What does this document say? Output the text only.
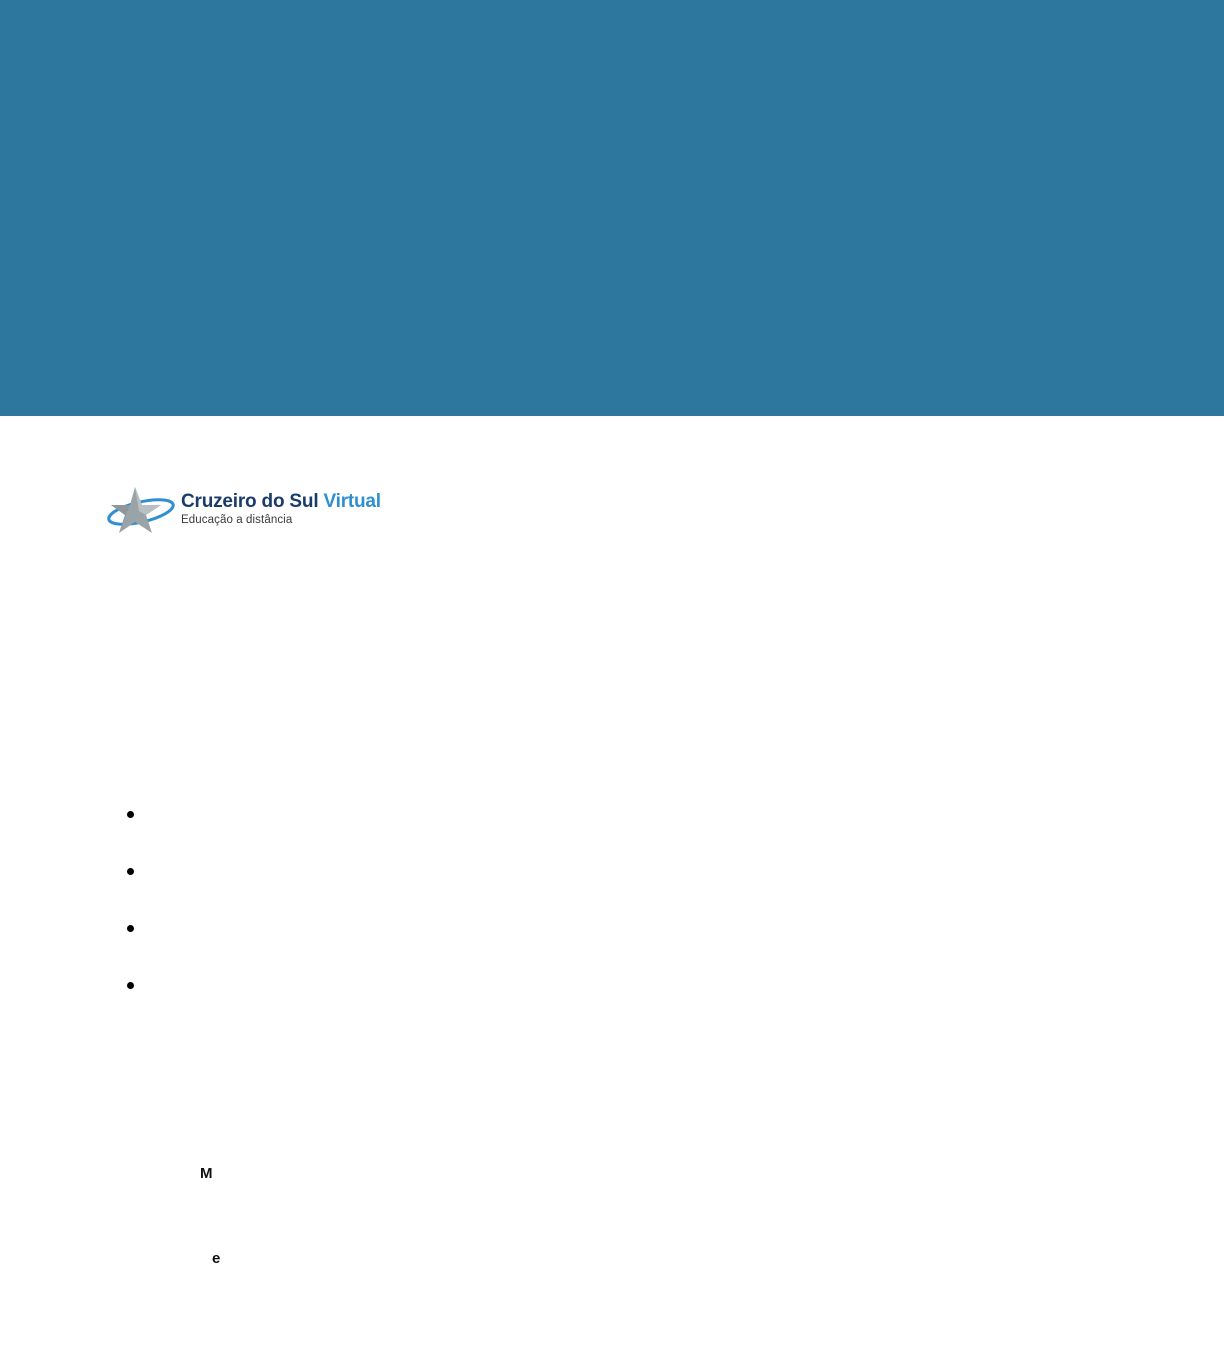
Cruzeiro do Sul Virtual
Educação a distância
M
e
